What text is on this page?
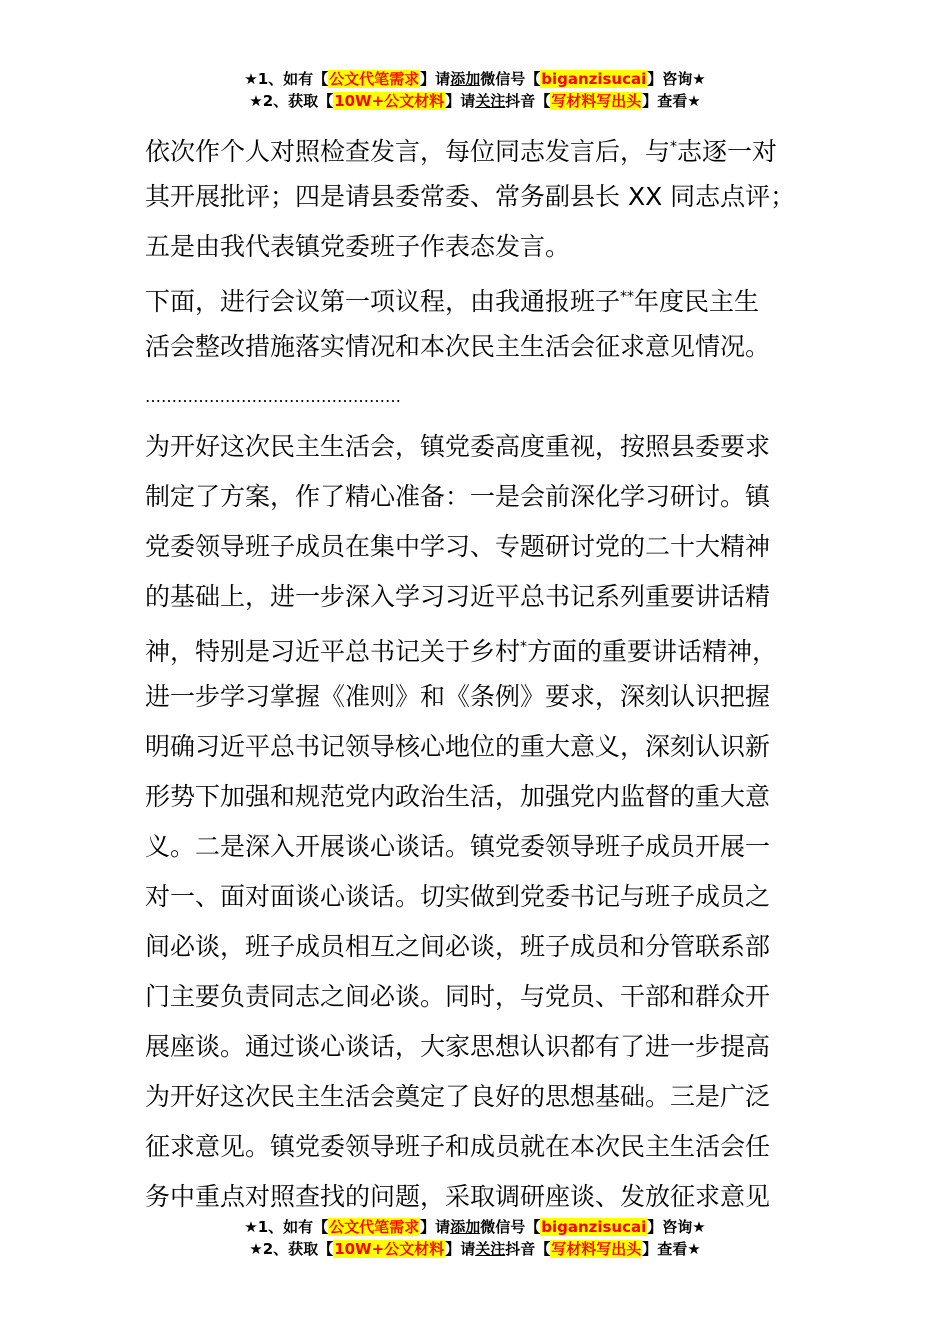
★1、如有【公文代笔需求】请添加微信号【biganzisucai】咨询★
★2、获取【10W+公文材料】请关注抖音【写材料写出头】查看★
依次作个人对照检查发言，每位同志发言后，与*志逐一对
其开展批评；四是请县委常委、常务副县长 XX 同志点评；
五是由我代表镇党委班子作表态发言。
下面，进行会议第一项议程，由我通报班子**年度民主生
活会整改措施落实情况和本次民主生活会征求意见情况。
…………………………………………
为开好这次民主生活会，镇党委高度重视，按照县委要求
制定了方案，作了精心准备：一是会前深化学习研讨。镇
党委领导班子成员在集中学习、专题研讨党的二十大精神
的基础上，进一步深入学习习近平总书记系列重要讲话精
神，特别是习近平总书记关于乡村*方面的重要讲话精神，
进一步学习掌握《准则》和《条例》要求，深刻认识把握
明确习近平总书记领导核心地位的重大意义，深刻认识新
形势下加强和规范党内政治生活，加强党内监督的重大意
义。二是深入开展谈心谈话。镇党委领导班子成员开展一
对一、面对面谈心谈话。切实做到党委书记与班子成员之
间必谈，班子成员相互之间必谈，班子成员和分管联系部
门主要负责同志之间必谈。同时，与党员、干部和群众开
展座谈。通过谈心谈话，大家思想认识都有了进一步提高
为开好这次民主生活会奠定了良好的思想基础。三是广泛
征求意见。镇党委领导班子和成员就在本次民主生活会任
务中重点对照查找的问题，采取调研座谈、发放征求意见
★1、如有【公文代笔需求】请添加微信号【biganzisucai】咨询★
★2、获取【10W+公文材料】请关注抖音【写材料写出头】查看★
